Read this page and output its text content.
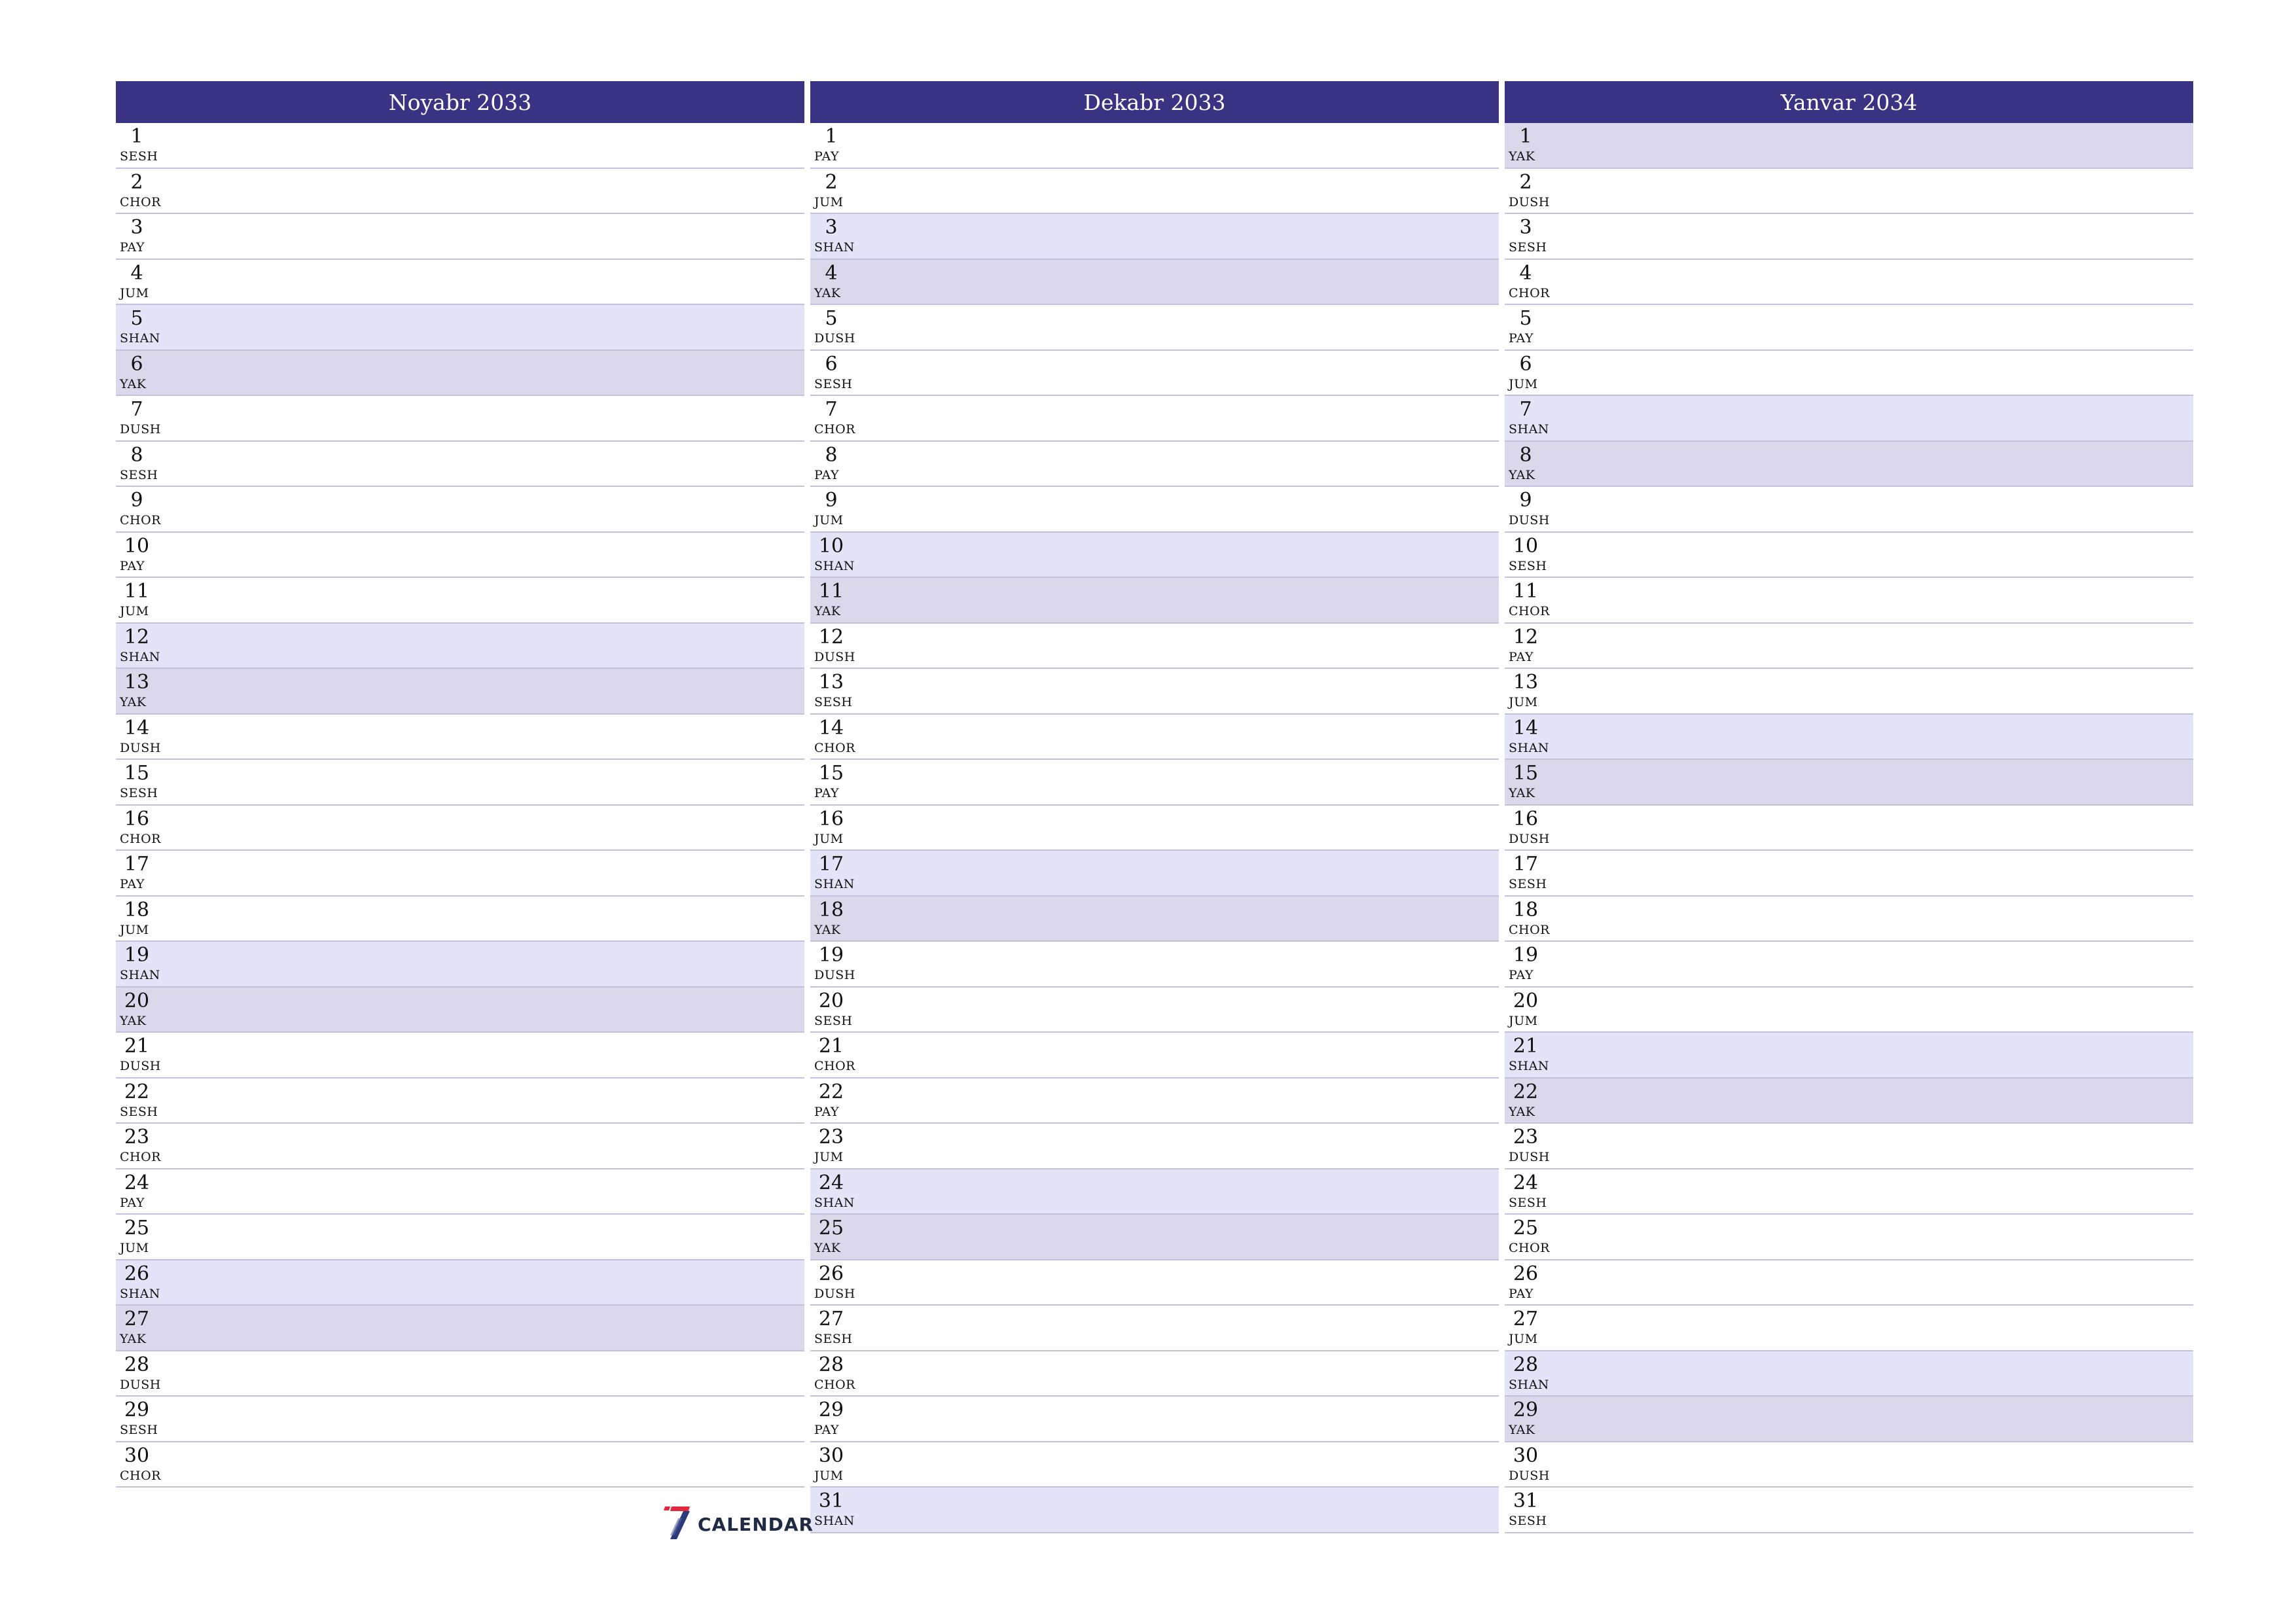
Noyabr 2033
1
SESH
2
CHOR
3
PAY
4
JUM
5
SHAN
6
YAK
7
DUSH
8
SESH
9
CHOR
10
PAY
11
JUM
12
SHAN
13
YAK
14
DUSH
15
SESH
16
CHOR
17
PAY
18
JUM
19
SHAN
20
YAK
21
DUSH
22
SESH
23
CHOR
24
PAY
25
JUM
26
SHAN
27
YAK
28
DUSH
29
SESH
30
CHOR
Dekabr 2033
1
PAY
2
JUM
3
SHAN
4
YAK
5
DUSH
6
SESH
7
CHOR
8
PAY
9
JUM
10
SHAN
11
YAK
12
DUSH
13
SESH
14
CHOR
15
PAY
16
JUM
17
SHAN
18
YAK
19
DUSH
20
SESH
21
CHOR
22
PAY
23
JUM
24
SHAN
25
YAK
26
DUSH
27
SESH
28
CHOR
29
PAY
30
JUM
31
SHAN
Yanvar 2034
1
YAK
2
DUSH
3
SESH
4
CHOR
5
PAY
6
JUM
7
SHAN
8
YAK
9
DUSH
10
SESH
11
CHOR
12
PAY
13
JUM
14
SHAN
15
YAK
16
DUSH
17
SESH
18
CHOR
19
PAY
20
JUM
21
SHAN
22
YAK
23
DUSH
24
SESH
25
CHOR
26
PAY
27
JUM
28
SHAN
29
YAK
30
DUSH
31
SESH
CALENDAR
